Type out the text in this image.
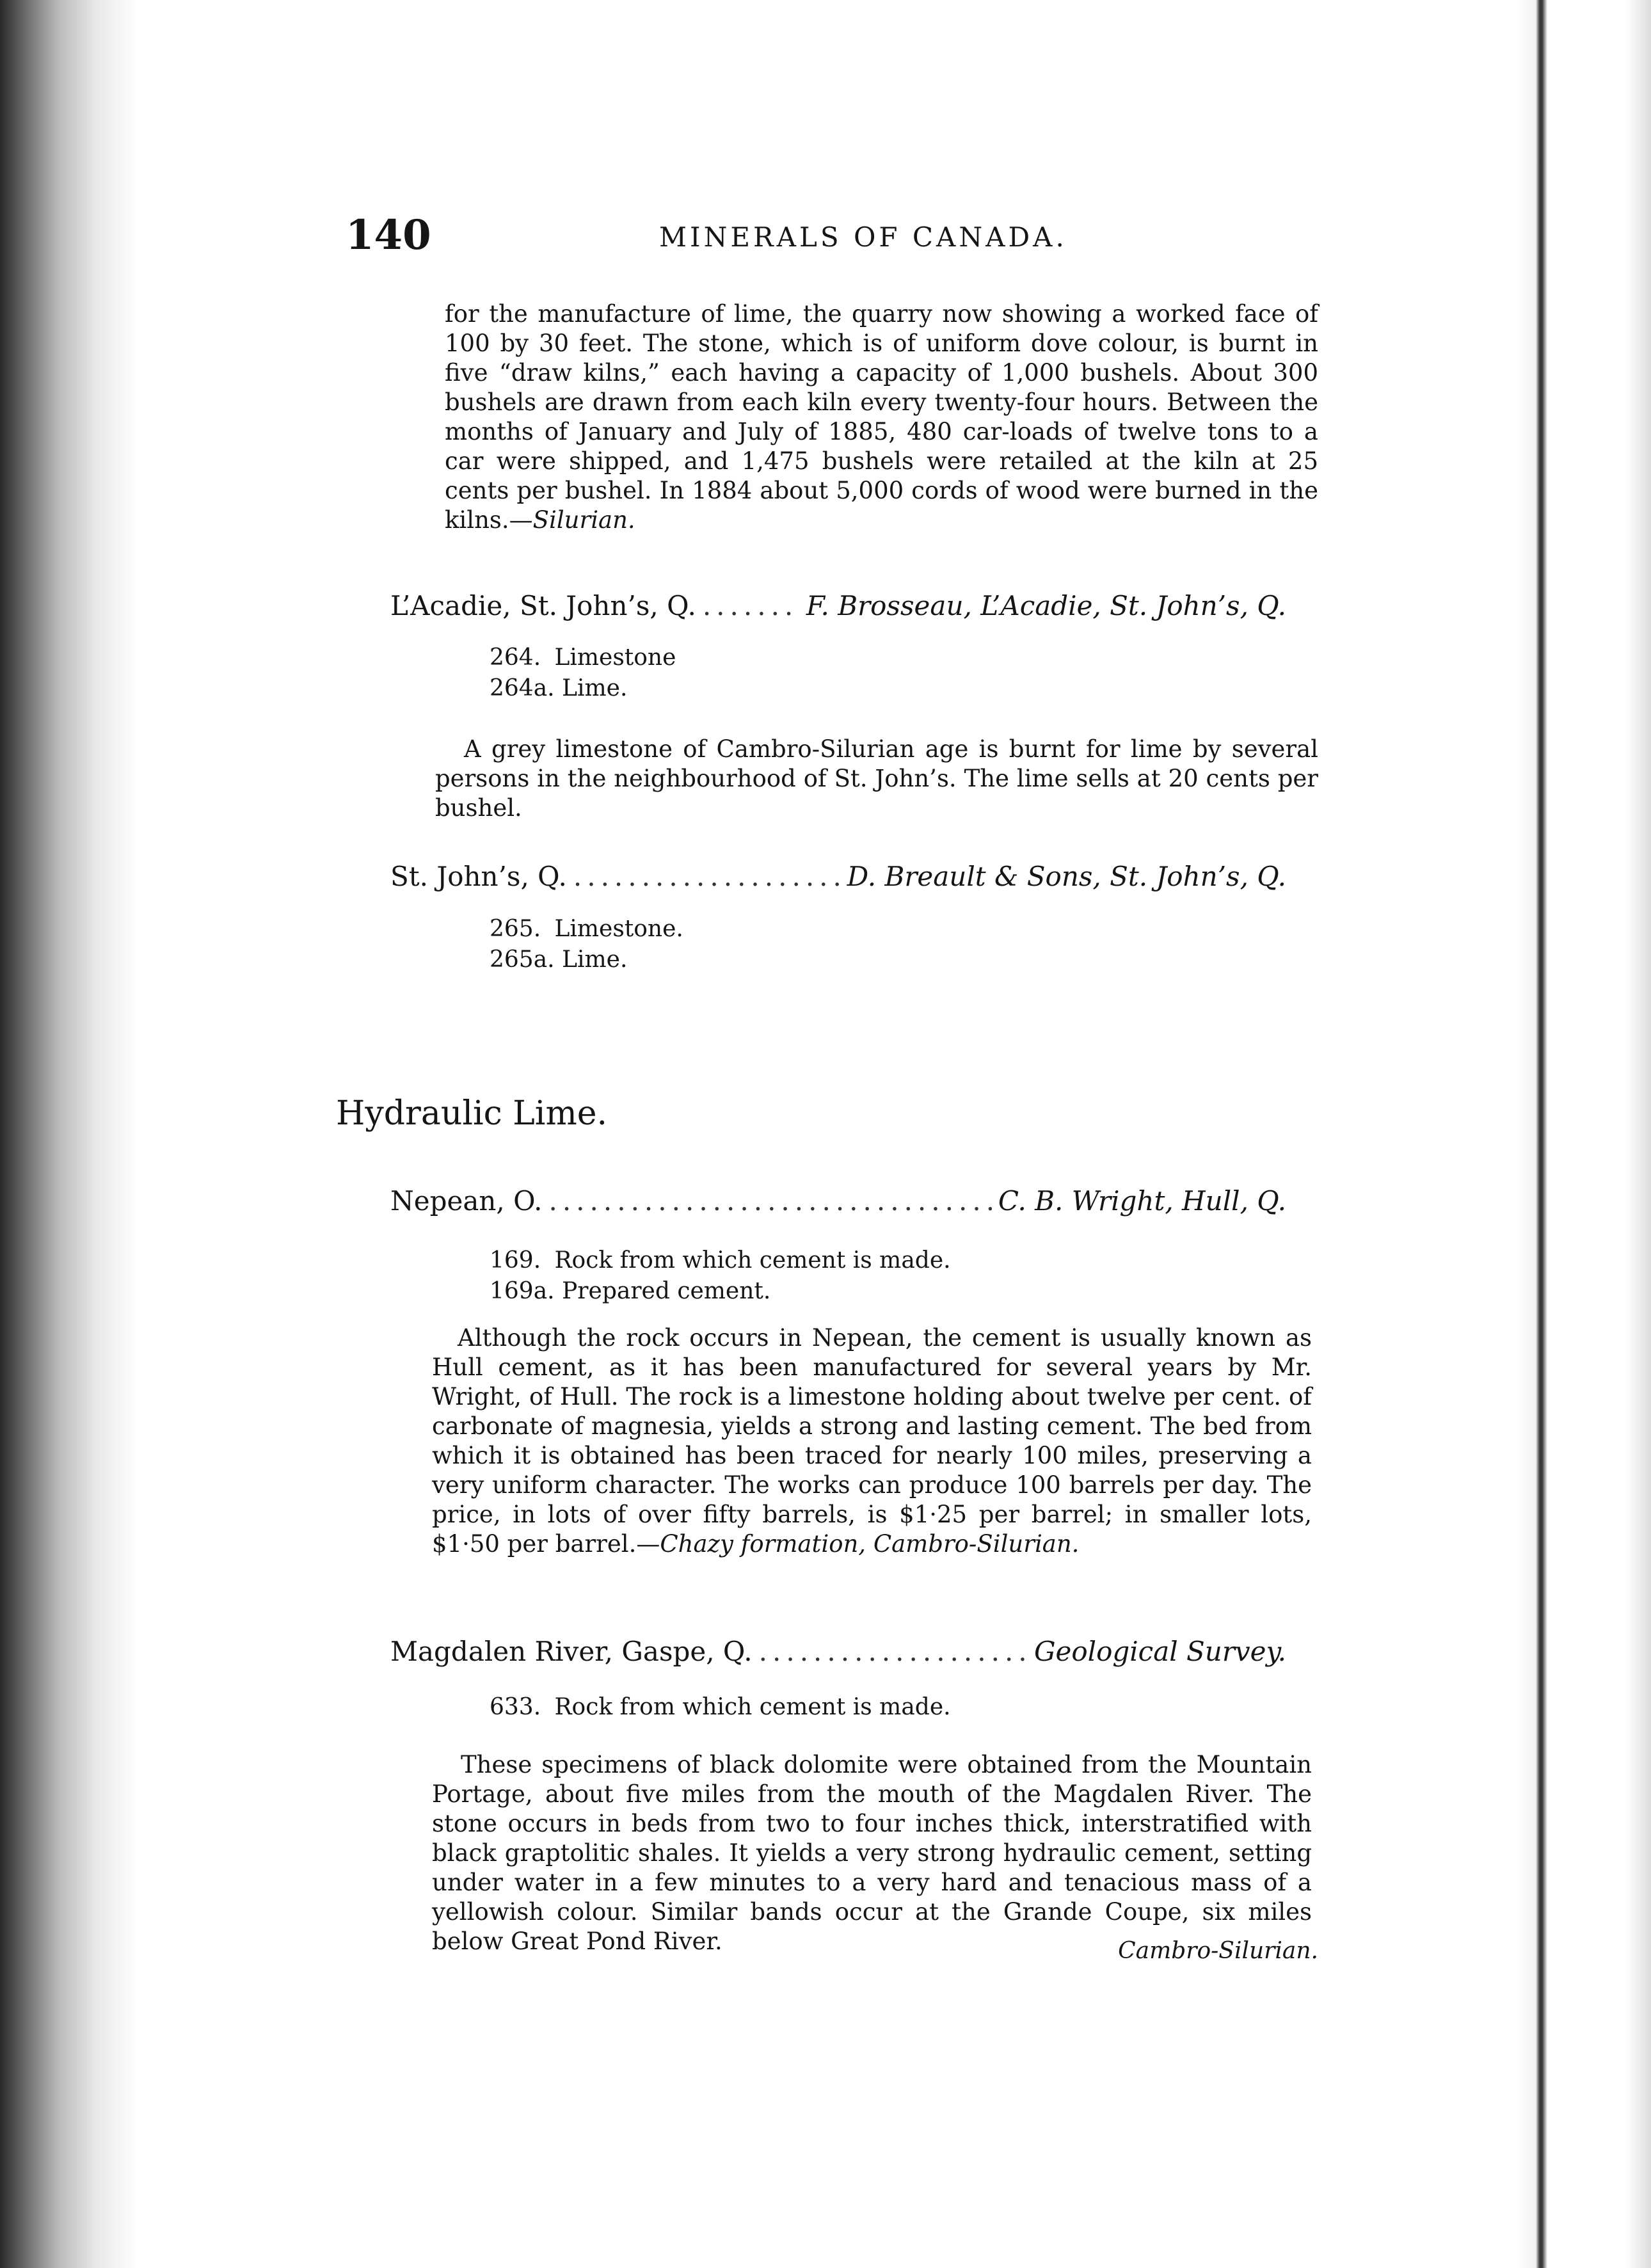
140	MINERALS OF CANADA.
for the manufacture of lime, the quarry now showing a worked face of 100 by 30 feet. The stone, which is of uniform dove colour, is burnt in five “draw kilns,” each having a capacity of 1,000 bushels. About 300 bushels are drawn from each kiln every twenty-four hours. Between the months of January and July of 1885, 480 car-loads of twelve tons to a car were shipped, and 1,475 bushels were retailed at the kiln at 25 cents per bushel. In 1884 about 5,000 cords of wood were burned in the kilns.—Silurian.
L’Acadie, St. John’s, Q. .....	F. Brosseau, L’Acadie, St. John’s, Q.
264. Limestone
264a. Lime.
A grey limestone of Cambro-Silurian age is burnt for lime by several persons in the neighbourhood of St. John’s. The lime sells at 20 cents per bushel.
St. John’s, Q. .....	D. Breault & Sons, St. John’s, Q.
265. Limestone.
265a. Lime.
Hydraulic Lime.
Nepean, O. .....	C. B. Wright, Hull, Q.
169. Rock from which cement is made.
169a. Prepared cement.
Although the rock occurs in Nepean, the cement is usually known as Hull cement, as it has been manufactured for several years by Mr. Wright, of Hull. The rock is a limestone holding about twelve per cent. of carbonate of magnesia, yields a strong and lasting cement. The bed from which it is obtained has been traced for nearly 100 miles, preserving a very uniform character. The works can produce 100 barrels per day. The price, in lots of over fifty barrels, is $1·25 per barrel; in smaller lots, $1·50 per barrel.—Chazy formation, Cambro-Silurian.
Magdalen River, Gaspe, Q. .....	Geological Survey.
633. Rock from which cement is made.
These specimens of black dolomite were obtained from the Mountain Portage, about five miles from the mouth of the Magdalen River. The stone occurs in beds from two to four inches thick, interstratified with black graptolitic shales. It yields a very strong hydraulic cement, setting under water in a few minutes to a very hard and tenacious mass of a yellowish colour. Similar bands occur at the Grande Coupe, six miles below Great Pond River.	Cambro-Silurian.
